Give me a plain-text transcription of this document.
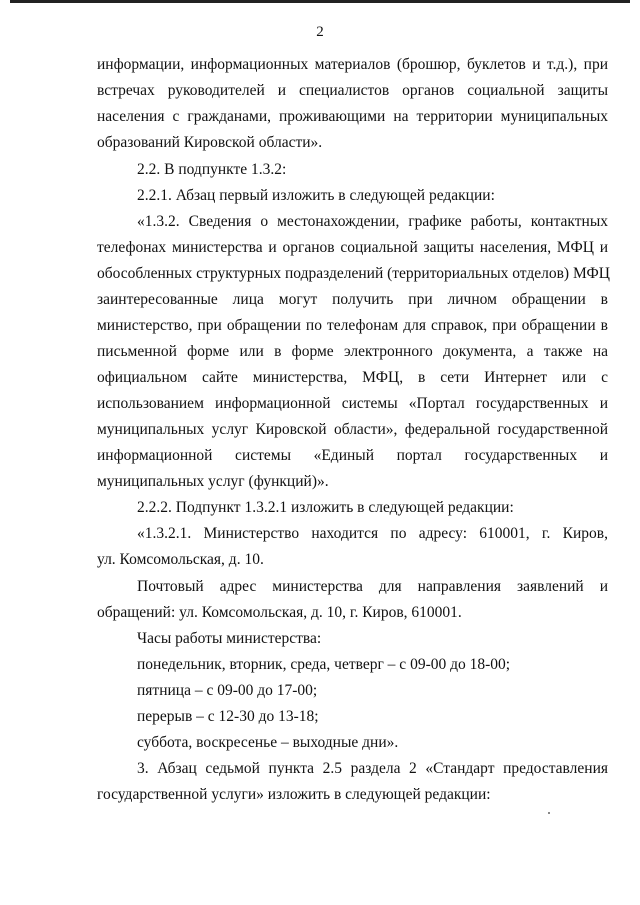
2
информации, информационных материалов (брошюр, буклетов и т.д.), при
встречах руководителей и специалистов органов социальной защиты
населения с гражданами, проживающими на территории муниципальных
образований Кировской области».
2.2. В подпункте 1.3.2:
2.2.1. Абзац первый изложить в следующей редакции:
«1.3.2. Сведения о местонахождении, графике работы, контактных
телефонах министерства и органов социальной защиты населения, МФЦ и
обособленных структурных подразделений (территориальных отделов) МФЦ
заинтересованные лица могут получить при личном обращении в
министерство, при обращении по телефонам для справок, при обращении в
письменной форме или в форме электронного документа, а также на
официальном сайте министерства, МФЦ, в сети Интернет или с
использованием информационной системы «Портал государственных и
муниципальных услуг Кировской области», федеральной государственной
информационной системы «Единый портал государственных и
муниципальных услуг (функций)».
2.2.2. Подпункт 1.3.2.1 изложить в следующей редакции:
«1.3.2.1. Министерство находится по адресу: 610001, г. Киров,
ул. Комсомольская, д. 10.
Почтовый адрес министерства для направления заявлений и
обращений: ул. Комсомольская, д. 10, г. Киров, 610001.
Часы работы министерства:
понедельник, вторник, среда, четверг – с 09-00 до 18-00;
пятница – с 09-00 до 17-00;
перерыв – с 12-30 до 13-18;
суббота, воскресенье – выходные дни».
3. Абзац седьмой пункта 2.5 раздела 2 «Стандарт предоставления
государственной услуги» изложить в следующей редакции:
